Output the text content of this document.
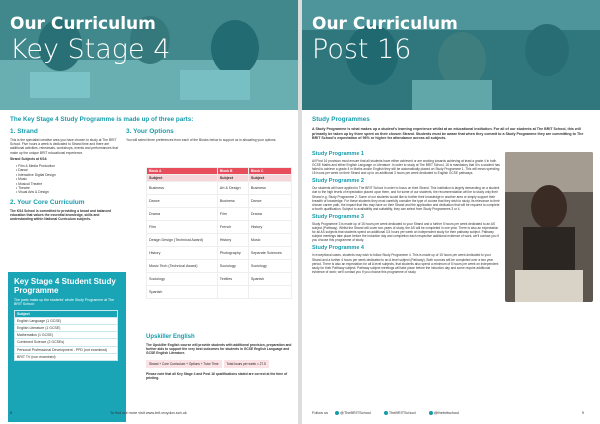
Our Curriculum
Key Stage 4
The Key Stage 4 Study Programme is made up of three parts:
1. Strand
This is the specialist creative area you have chosen to study at The BRIT School. Five hours a week is dedicated to Strand time and there are additional activities, rehearsals, workshops, events and performances that make up the unique BRIT educational experience.
Strand Subjects at KS4:
• Film & Media Production
• Dance
• Interactive Digital Design
• Music
• Musical Theatre
• Theatre
• Visual Arts & Design
2. Your Core Curriculum
The KS4 School is committed to providing a broad and balanced education that values the essential knowledge, skills and understanding within National Curriculum subjects.
Key Stage 4 Student Study Programme
The parts make up the students' whole Study Programme at The BRIT School:
Subject
English Language (1 GCSE)
English Literature (1 GCSE)
Mathematics (1 GCSE)
Combined Science (2 GCSEs)
Personal Professional Development - PPD (not examined)
BRIT TV (non examined)
3. Your Options
You will select three preferences from each of the Blocks below to support us in allocating your options.
Block A	Block B	Block C
Subject	Subject	Subject
Business	Art & Design	Business
Dance	Business	Dance
Drama	Film	Drama
Film	French	History
Design Design (Technical Award)	History	Music
History	Photography	Separate Sciences
Music Tech (Technical Award)	Sociology	Sociology
Sociology	Textiles	Spanish
Spanish		
Upskiller English
The Upskiller English course will provide students with additional provision, preparation and further aids to support the very best outcomes for students in GCSE English Language and GCSE English Literature.
Strand + Core Curriculum + Options + Tutor Time	Total hours per week = 27.5
Please note that all Key Stage 4 and Post 16 qualifications stated are correct at the time of printing.
8	To find out more visit www.brit.croydon.sch.uk
Our Curriculum
Post 16
Study Programmes
A Study Programme is what makes up a student's learning experience whilst at an educational institution. For all of our students at The BRIT School, this will primarily be taken up by three spent on their chosen Strand. Students must be aware that when they commit to a Study Programme they are committing to The BRIT School's expectation of 96% or higher for attendance across all subjects.
Study Programme 1
All Post 16 provision must ensure that all students have either achieved or are working towards achieving at least a grade 4 in both GCSE Maths and either English Language or Literature. In order to study at The BRIT School, 16 is mandatory that it is a student has failed to achieve a grade 4 in Maths and/or English they will be automatically placed on Study Programme 1. This will mean spending 15 hours per week on their Strand and up to an additional 3 hours per week dedicated to English GCSE pathways.
Study Programme 2
Our students will have applied to The BRIT School in order to focus on their Strand. This institution is largely demanding on a student due to the high levels of expectation placed upon them, and for some of our students, the recommendation will be to study only their Strand e.g. Study Programme 2. Some of our students would like to further their knowledge in another area or simply support their breadth of knowledge. For these students they must carefully consider the type of course that they wish to study, its relevance to their chosen career path, the impact that this may have on their Strand and the application and dedication that will be required to complete a fourth qualification. Subject to availability and suitability, they can select from Study Programmes 3 or 4.
Study Programme 3
Study Programme 3 is made up of 15 hours per week dedicated to your Strand and a further 5 hours per week dedicated to an AS subject (Pathway). Whilst the Strand will cover two years of study, the AS will be completed in one year. There is also an expectation for all AS subjects that students spend an additional 3.5 hours per week on independent study for their pathway subject. Pathway subject meetings take place before the induction day and completion each respective additional evidence of work, we'll contact you if you choose this programme of study.
Study Programme 4
In exceptional cases, students may wish to follow Study Programme 4. This is made up of 15 hours per week dedicated to your Strand and a further 4 hours per week dedicated to an A level subject (Pathway). Both courses will be completed over a two year period. There is also an expectation for all A level subjects, that students also spend a minimum of 5 hours per week on independent study for their Pathway subject. Pathway subject meetings will take place before the induction day and some require additional evidence of work; we'll contact you if you choose this programme of study.
Follow us	@TheBRITSchool	TheBRITSchool	@thebritschool	9
